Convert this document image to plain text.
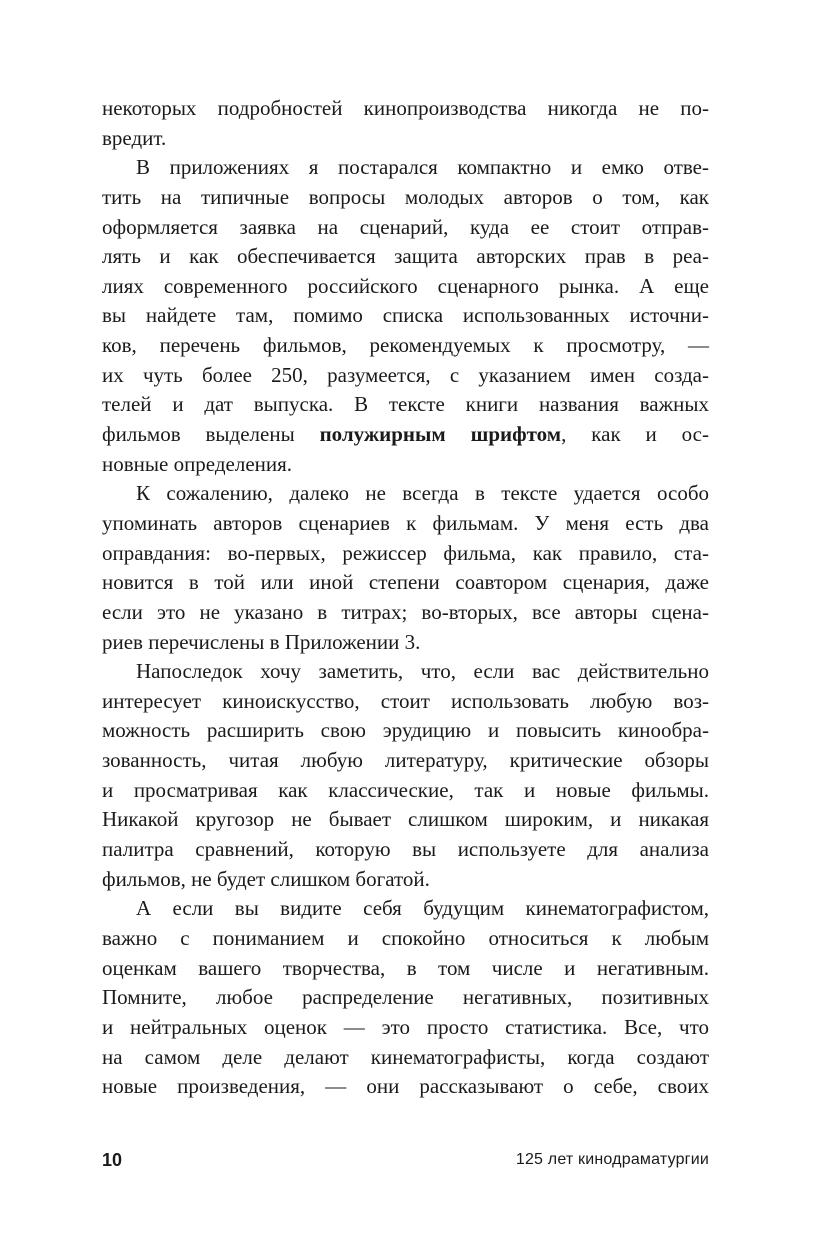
некоторых подробностей кинопроизводства никогда не по-
вредит.
В приложениях я постарался компактно и емко отве-
тить на типичные вопросы молодых авторов о том, как
оформляется заявка на сценарий, куда ее стоит отправ-
лять и как обеспечивается защита авторских прав в реа-
лиях современного российского сценарного рынка. А еще
вы найдете там, помимо списка использованных источни-
ков, перечень фильмов, рекомендуемых к просмотру, —
их чуть более 250, разумеется, с указанием имен созда-
телей и дат выпуска. В тексте книги названия важных
фильмов выделены полужирным шрифтом, как и ос-
новные определения.
К сожалению, далеко не всегда в тексте удается особо
упоминать авторов сценариев к фильмам. У меня есть два
оправдания: во-первых, режиссер фильма, как правило, ста-
новится в той или иной степени соавтором сценария, даже
если это не указано в титрах; во-вторых, все авторы сцена-
риев перечислены в Приложении 3.
Напоследок хочу заметить, что, если вас действительно
интересует киноискусство, стоит использовать любую воз-
можность расширить свою эрудицию и повысить кинообра-
зованность, читая любую литературу, критические обзоры
и просматривая как классические, так и новые фильмы.
Никакой кругозор не бывает слишком широким, и никакая
палитра сравнений, которую вы используете для анализа
фильмов, не будет слишком богатой.
А если вы видите себя будущим кинематографистом,
важно с пониманием и спокойно относиться к любым
оценкам вашего творчества, в том числе и негативным.
Помните, любое распределение негативных, позитивных
и нейтральных оценок — это просто статистика. Все, что
на самом деле делают кинематографисты, когда создают
новые произведения, — они рассказывают о себе, своих
10	125 лет кинодраматургии
